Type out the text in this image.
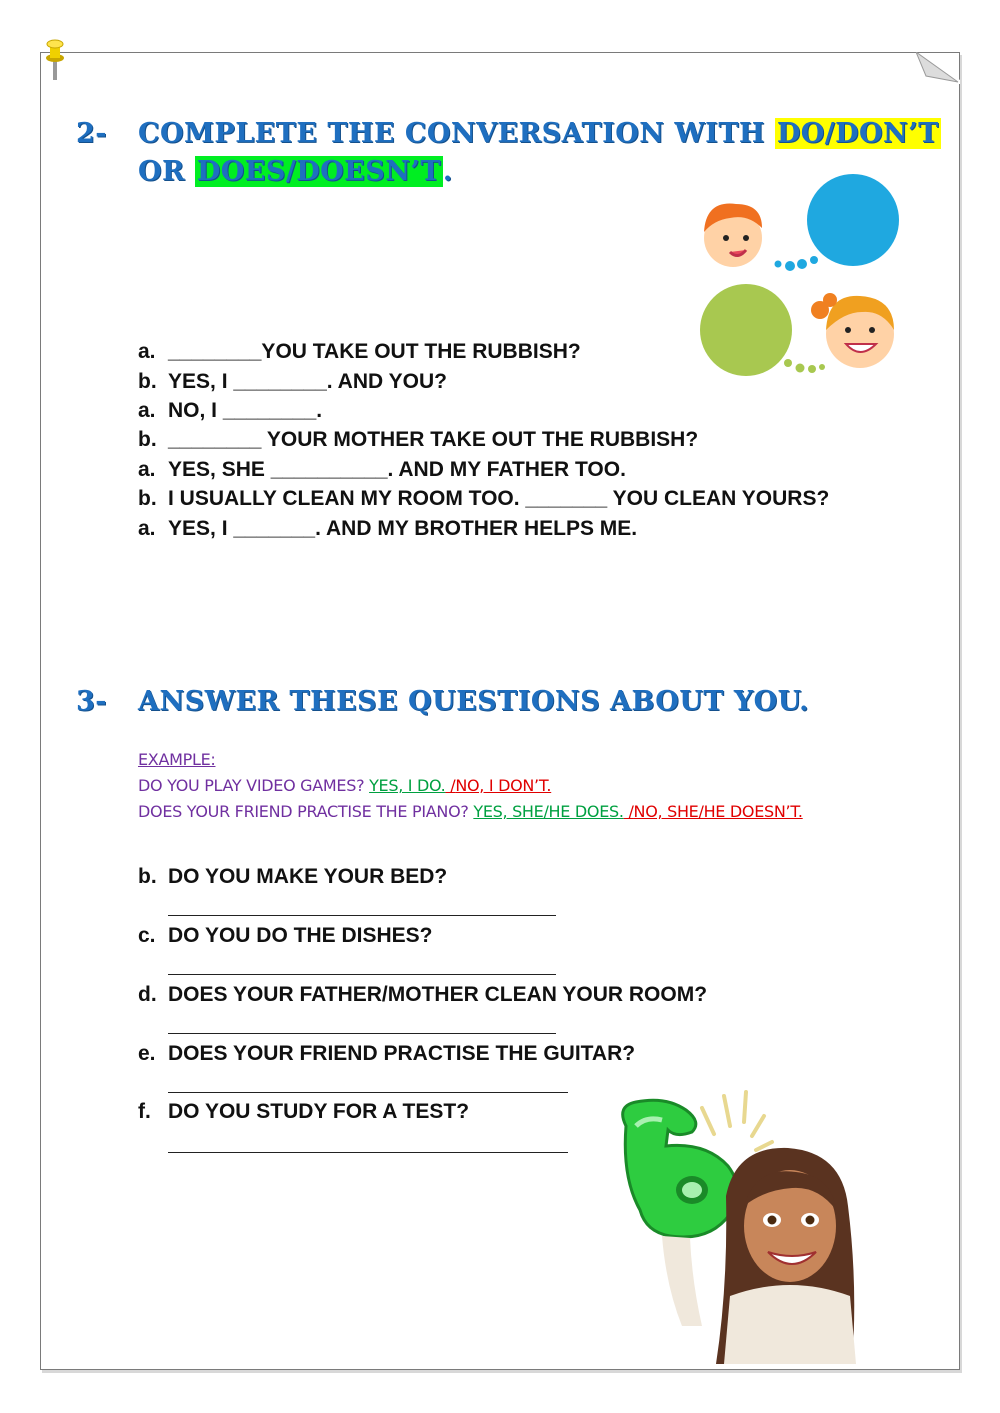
2- COMPLETE THE CONVERSATION WITH DO/DON’T
OR DOES/DOESN’T.
a. ________YOU TAKE OUT THE RUBBISH?
b. YES, I ________. AND YOU?
a. NO, I ________.
b. ________ YOUR MOTHER TAKE OUT THE RUBBISH?
a. YES, SHE __________. AND MY FATHER TOO.
b. I USUALLY CLEAN MY ROOM TOO. _______ YOU CLEAN YOURS?
a. YES, I _______. AND MY BROTHER HELPS ME.
3- ANSWER THESE QUESTIONS ABOUT YOU.
EXAMPLE:
DO YOU PLAY VIDEO GAMES? YES, I DO. /NO, I DON’T.
DOES YOUR FRIEND PRACTISE THE PIANO? YES, SHE/HE DOES. /NO, SHE/HE DOESN’T.
b. DO YOU MAKE YOUR BED?
c. DO YOU DO THE DISHES?
d. DOES YOUR FATHER/MOTHER CLEAN YOUR ROOM?
e. DOES YOUR FRIEND PRACTISE THE GUITAR?
f. DO YOU STUDY FOR A TEST?
